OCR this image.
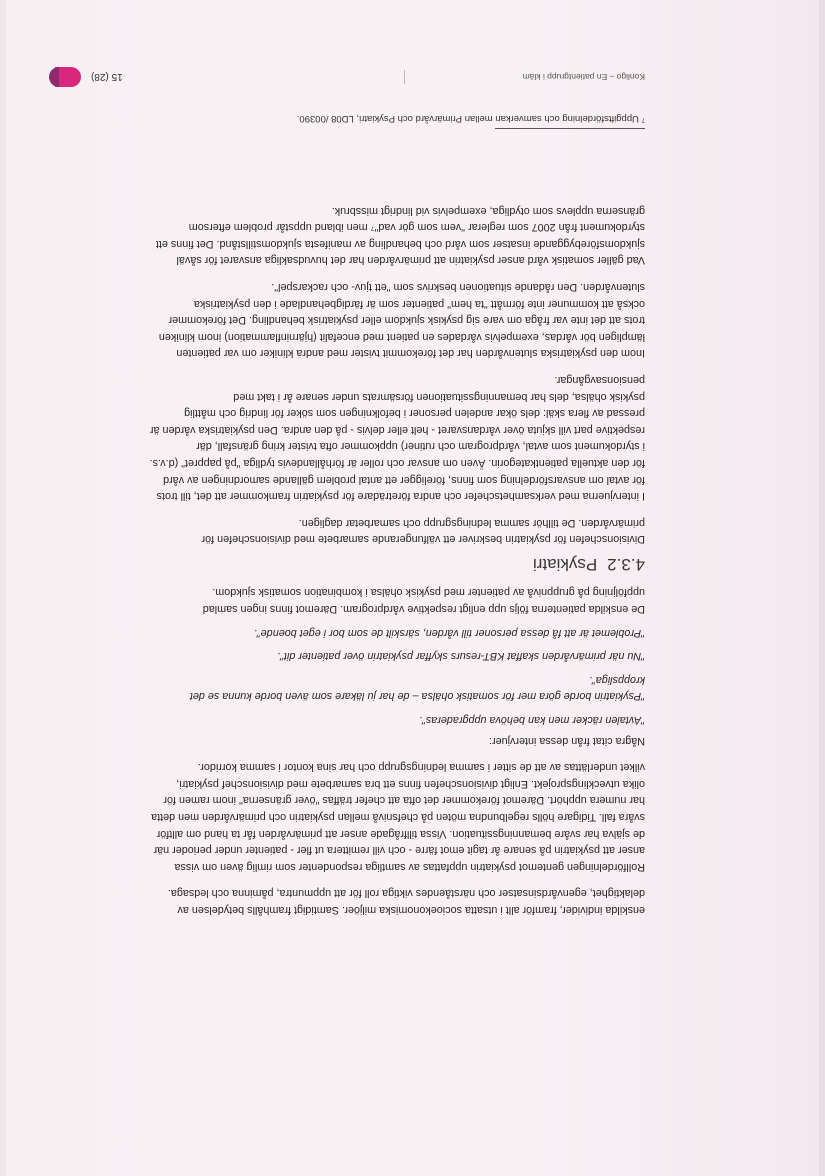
Konligo – En patientgrupp i kläm
15 (28)

enskilda individer, framför allt i utsatta socioekonomiska miljöer. Samtidigt framhålls betydelsen av delaktighet, egenvårdsinsatser och närståendes viktiga roll för att uppmuntra, påminna och ledsaga.

Rollfördelningen gentemot psykiatrin uppfattas av samtliga respondenter som rimlig även om vissa anser att psykiatrin på senare år tagit emot färre - och vill remittera ut fler - patienter under perioder när de själva har svåre bemanningssituation. Vissa tillfrågade anser att primärvården får ta hand om alltför svåra fall. Tidigare hölls regelbundna möten på chefsnivå mellan psykiatrin och primärvården men detta har numera upphört. Däremot förekommer det ofta att chefer träffas "över gränserna" inom ramen för olika utvecklingsprojekt. Enligt divisionschefen finns ett bra samarbete med divisionschef psykiatri, vilket underlättas av att de sitter i samma ledningsgrupp och har sina kontor i samma korridor.

Några citat från dessa intervjuer:

"Avtalen räcker men kan behöva uppgraderas".

"Psykiatrin borde göra mer för somatisk ohälsa – de har ju läkare som även borde kunna se det kroppsliga".

"Nu när primärvården skaffat KBT-resurs skyffar psykiatrin över patienter dit".

"Problemet är att få dessa personer till vården, särskilt de som bor i eget boende".

De enskilda patienterna följs upp enligt respektive vårdprogram. Däremot finns ingen samlad uppföljning på gruppnivå av patienter med psykisk ohälsa i kombination somatisk sjukdom.

4.3.2
Psykiatri

Divisionschefen för psykiatrin beskriver ett välfungerande samarbete med divisionschefen för primärvården. De tillhör samma ledningsgrupp och samarbetar dagligen.

I intervjuerna med verksamhetschefer och andra företrädare för psykiatrin framkommer att det, till trots för avtal om ansvarsfördelning som finns, föreligger ett antal problem gällande samordningen av vård för den aktuella patientkategorin. Även om ansvar och roller är förhållandevis tydliga "på pappret" (d.v.s. i styrdokument som avtal, vårdprogram och rutiner) uppkommer ofta tvister kring gränsfall, där respektive part vill skjuta över vårdansvaret - helt eller delvis - på den andra. Den psykiatriska vården är pressad av flera skäl: dels ökar andelen personer i befolkningen som söker för lindrig och måttlig psykisk ohälsa, dels har bemanningssituationen försämrats under senare år i takt med pensionsavgångar.

Inom den psykiatriska slutenvården har det förekommit tvister med andra kliniker om var patienten lämpligen bör vårdas, exempelvis vårdades en patient med encefalit (hjärninflammation) inom kliniken trots att det inte var fråga om vare sig psykisk sjukdom eller psykiatrisk behandling. Det förekommer också att kommuner inte förmått "ta hem" patienter som är färdigbehandlade i den psykiatriska slutenvården. Den rådande situationen beskrivs som "ett tjuv- och rackarspel".

Vad gäller somatisk vård anser psykiatrin att primärvården har det huvudsakliga ansvaret för såväl sjukdomsförebyggande insatser som vård och behandling av manifesta sjukdomstillstånd. Det finns ett styrdokument från 2007 som reglerar "vem som gör vad"⁷ men ibland uppstår problem eftersom gränserna upplevs som otydliga, exempelvis vid lindrigt missbruk.

⁷ Uppgiftsfördelning och samverkan mellan Primärvård och Psykiatri, LD08 /00390.
